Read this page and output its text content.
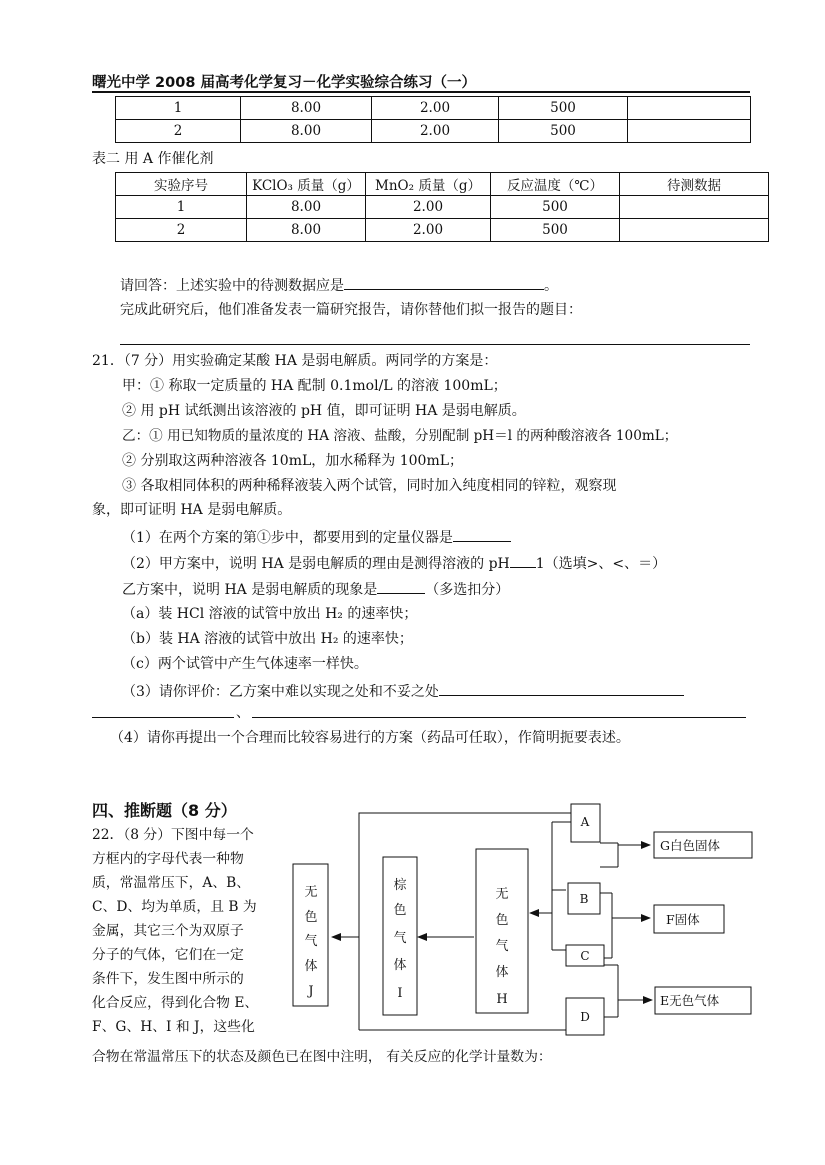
曙光中学 2008 届高考化学复习－化学实验综合练习（一）
1	8.00	2.00	500	
2	8.00	2.00	500	
表二 用 A 作催化剂
实验序号	KClO₃ 质量（g）	MnO₂ 质量（g）	反应温度（℃）	待测数据
1	8.00	2.00	500	
2	8.00	2.00	500	
请回答：上述实验中的待测数据应是	。
完成此研究后，他们准备发表一篇研究报告，请你替他们拟一报告的题目：
21．（7 分）用实验确定某酸 HA 是弱电解质。两同学的方案是：
甲：① 称取一定质量的 HA 配制 0.1mol/L 的溶液 100mL；
② 用 pH 试纸测出该溶液的 pH 值，即可证明 HA 是弱电解质。
乙：① 用已知物质的量浓度的 HA 溶液、盐酸，分别配制 pH＝l 的两种酸溶液各 100mL；
② 分别取这两种溶液各 10mL，加水稀释为 100mL；
③ 各取相同体积的两种稀释液装入两个试管，同时加入纯度相同的锌粒，观察现
象，即可证明 HA 是弱电解质。
（1）在两个方案的第①步中，都要用到的定量仪器是
（2）甲方案中，说明 HA 是弱电解质的理由是测得溶液的 pH 1（选填>、<、＝）
乙方案中，说明 HA 是弱电解质的现象是	（多选扣分）
（a）装 HCl 溶液的试管中放出 H₂ 的速率快；
（b）装 HA 溶液的试管中放出 H₂ 的速率快；
（c）两个试管中产生气体速率一样快。
（3）请你评价：乙方案中难以实现之处和不妥之处
、
（4）请你再提出一个合理而比较容易进行的方案（药品可任取），作简明扼要表述。
四、推断题（8 分）
22．（8 分）下图中每一个
方框内的字母代表一种物
质，常温常压下，A、B、
C、D、均为单质，且 B 为
金属，其它三个为双原子
分子的气体，它们在一定
条件下，发生图中所示的
化合反应，得到化合物 E、
F、G、H、I 和 J，这些化
合物在常温常压下的状态及颜色已在图中注明， 有关反应的化学计量数为：
无
色
气
体
J
棕
色
气
体
I
无
色
气
体
H
A
B
C
D
G白色固体
F固体
E无色气体
